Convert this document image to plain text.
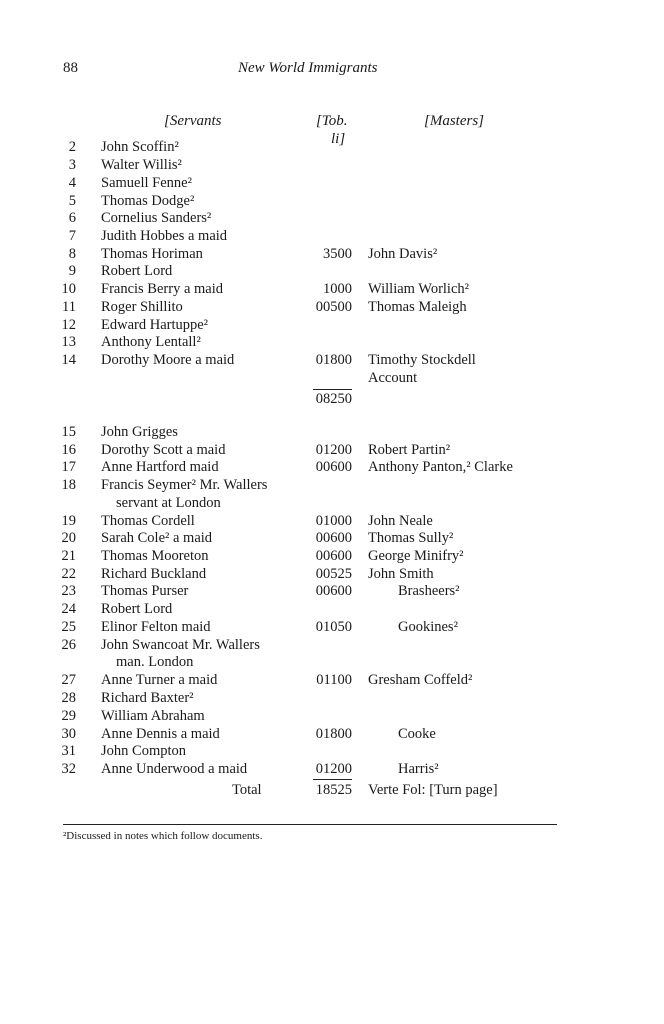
88	New World Immigrants
[Servants	[Tob.
li]
[Masters]
2 John Scoffin²
3 Walter Willis²
4 Samuell Fenne²
5 Thomas Dodge²
6 Cornelius Sanders²
7 Judith Hobbes a maid
8 Thomas Horiman	3500 John Davis²
9 Robert Lord
10 Francis Berry a maid	1000 William Worlich²
11 Roger Shillito	00500 Thomas Maleigh
12 Edward Hartuppe²
13 Anthony Lentall²
14 Dorothy Moore a maid	01800 Timothy Stockdell
Account
08250
15 John Grigges
16 Dorothy Scott a maid	01200 Robert Partin²
17 Anne Hartford maid	00600 Anthony Panton,² Clarke
18 Francis Seymer² Mr. Wallers
servant at London
19 Thomas Cordell	01000 John Neale
20 Sarah Cole² a maid	00600 Thomas Sully²
21 Thomas Mooreton	00600 George Minifry²
22 Richard Buckland	00525 John Smith
23 Thomas Purser	00600	Brasheers²
24 Robert Lord
25 Elinor Felton maid	01050	Gookines²
26 John Swancoat Mr. Wallers
man. London
27 Anne Turner a maid	01100 Gresham Coffeld²
28 Richard Baxter²
29 William Abraham
30 Anne Dennis a maid	01800	Cooke
31 John Compton
32 Anne Underwood a maid	01200	Harris²
Total	18525 Verte Fol: [Turn page]
²Discussed in notes which follow documents.
